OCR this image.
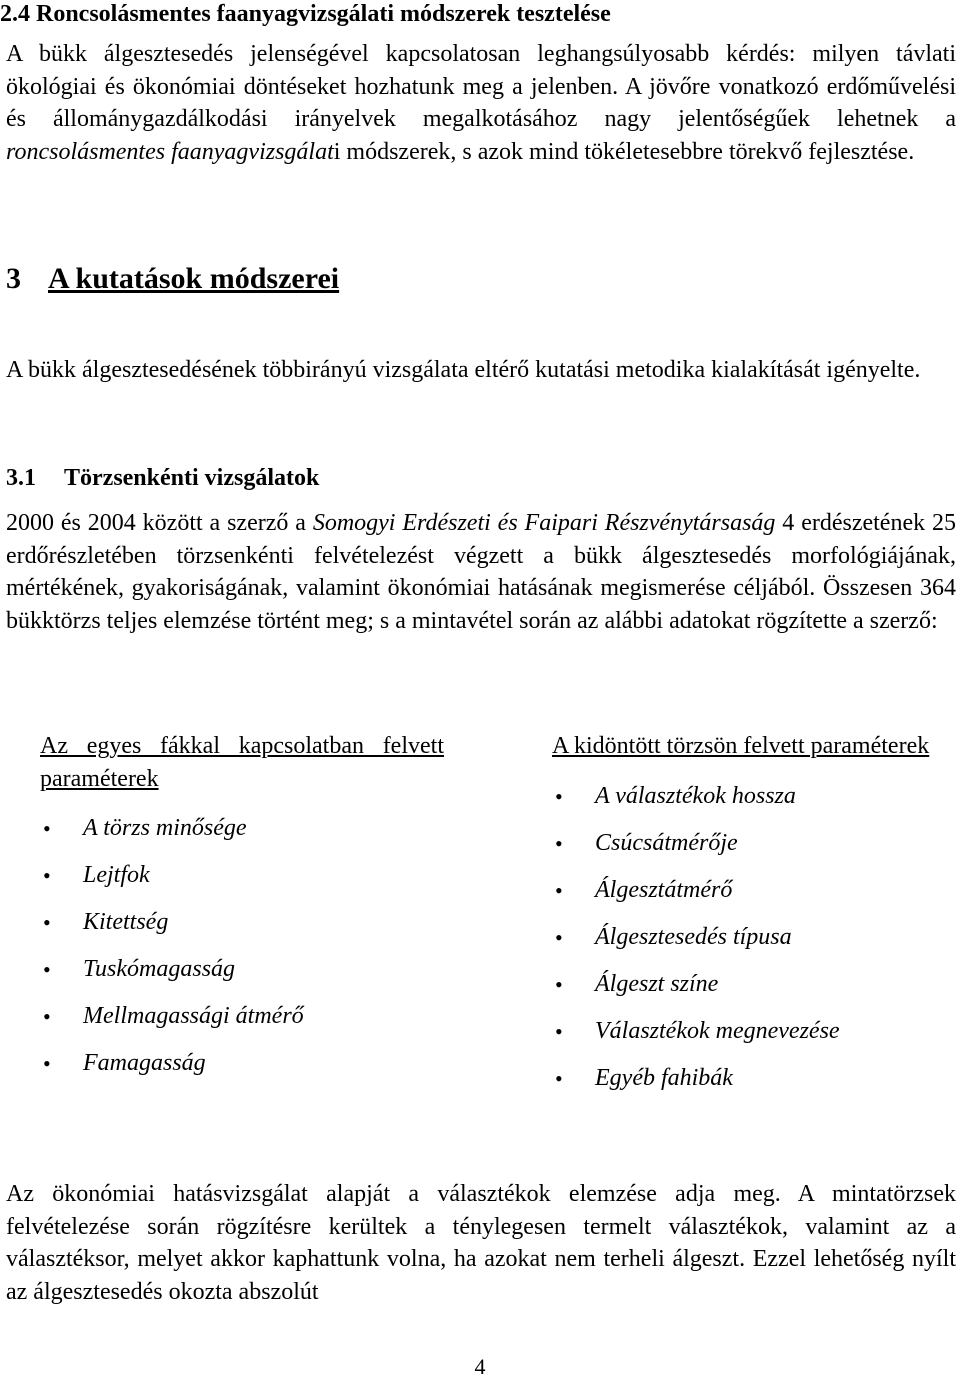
2.4 Roncsolásmentes faanyagvizsgálati módszerek tesztelése

A bükk álgesztesedés jelenségével kapcsolatosan leghangsúlyosabb kérdés: milyen távlati ökológiai és ökonómiai döntéseket hozhatunk meg a jelenben. A jövőre vonatkozó erdőművelési és állománygazdálkodási irányelvek megalkotásához nagy jelentőségűek lehetnek a roncsolásmentes faanyagvizsgálati módszerek, s azok mind tökéletesebbre törekvő fejlesztése.

3 A kutatások módszerei

A bükk álgesztesedésének többirányú vizsgálata eltérő kutatási metodika kialakítását igényelte.

3.1 Törzsenkénti vizsgálatok

2000 és 2004 között a szerző a Somogyi Erdészeti és Faipari Részvénytársaság 4 erdészetének 25 erdőrészletében törzsenkénti felvételezést végzett a bükk álgesztesedés morfológiájának, mértékének, gyakoriságának, valamint ökonómiai hatásának megismerése céljából. Összesen 364 bükktörzs teljes elemzése történt meg; s a mintavétel során az alábbi adatokat rögzítette a szerző:

Az egyes fákkal kapcsolatban felvett paraméterek

• A törzs minősége
• Lejtfok
• Kitettség
• Tuskómagasság
• Mellmagassági átmérő
• Famagasság

A kidöntött törzsön felvett paraméterek

• A választékok hossza
• Csúcsátmérője
• Álgesztátmérő
• Álgesztesedés típusa
• Álgeszt színe
• Választékok megnevezése
• Egyéb fahibák

Az ökonómiai hatásvizsgálat alapját a választékok elemzése adja meg. A mintatörzsek felvételezése során rögzítésre kerültek a ténylegesen termelt választékok, valamint az a választéksor, melyet akkor kaphattunk volna, ha azokat nem terheli álgeszt. Ezzel lehetőség nyílt az álgesztesedés okozta abszolút

4
